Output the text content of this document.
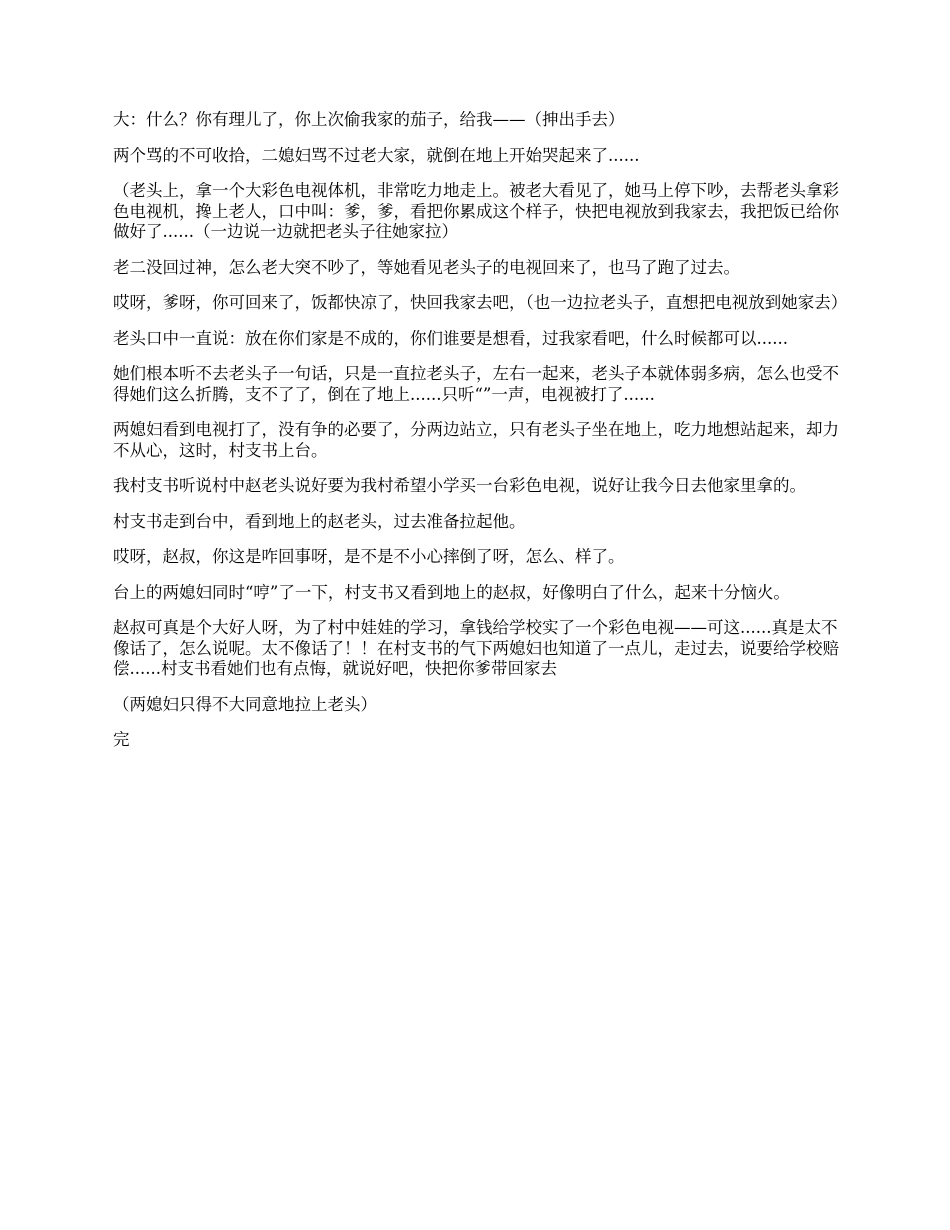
大：什么？你有理儿了，你上次偷我家的茄子，给我——（抻出手去）

两个骂的不可收拾，二媳妇骂不过老大家，就倒在地上开始哭起来了......

（老头上，拿一个大彩色电视体机，非常吃力地走上。被老大看见了，她马上停下吵，去帮老头拿彩色电视机，搀上老人，口中叫：爹，爹，看把你累成这个样子，快把电视放到我家去，我把饭已给你做好了......（一边说一边就把老头子往她家拉）

老二没回过神，怎么老大突不吵了，等她看见老头子的电视回来了，也马了跑了过去。

哎呀，爹呀，你可回来了，饭都快凉了，快回我家去吧，（也一边拉老头子，直想把电视放到她家去）

老头口中一直说：放在你们家是不成的，你们谁要是想看，过我家看吧，什么时候都可以......

她们根本听不去老头子一句话，只是一直拉老头子，左右一起来，老头子本就体弱多病，怎么也受不得她们这么折腾，支不了了，倒在了地上......只听“”一声，电视被打了......

两媳妇看到电视打了，没有争的必要了，分两边站立，只有老头子坐在地上，吃力地想站起来，却力不从心，这时，村支书上台。

我村支书听说村中赵老头说好要为我村希望小学买一台彩色电视，说好让我今日去他家里拿的。

村支书走到台中，看到地上的赵老头，过去准备拉起他。

哎呀，赵叔，你这是咋回事呀，是不是不小心摔倒了呀，怎么、样了。

台上的两媳妇同时“哼”了一下，村支书又看到地上的赵叔，好像明白了什么，起来十分恼火。

赵叔可真是个大好人呀，为了村中娃娃的学习，拿钱给学校实了一个彩色电视——可这......真是太不像话了，怎么说呢。太不像话了！！在村支书的气下两媳妇也知道了一点儿，走过去，说要给学校赔偿......村支书看她们也有点悔，就说好吧，快把你爹带回家去

（两媳妇只得不大同意地拉上老头）

完
